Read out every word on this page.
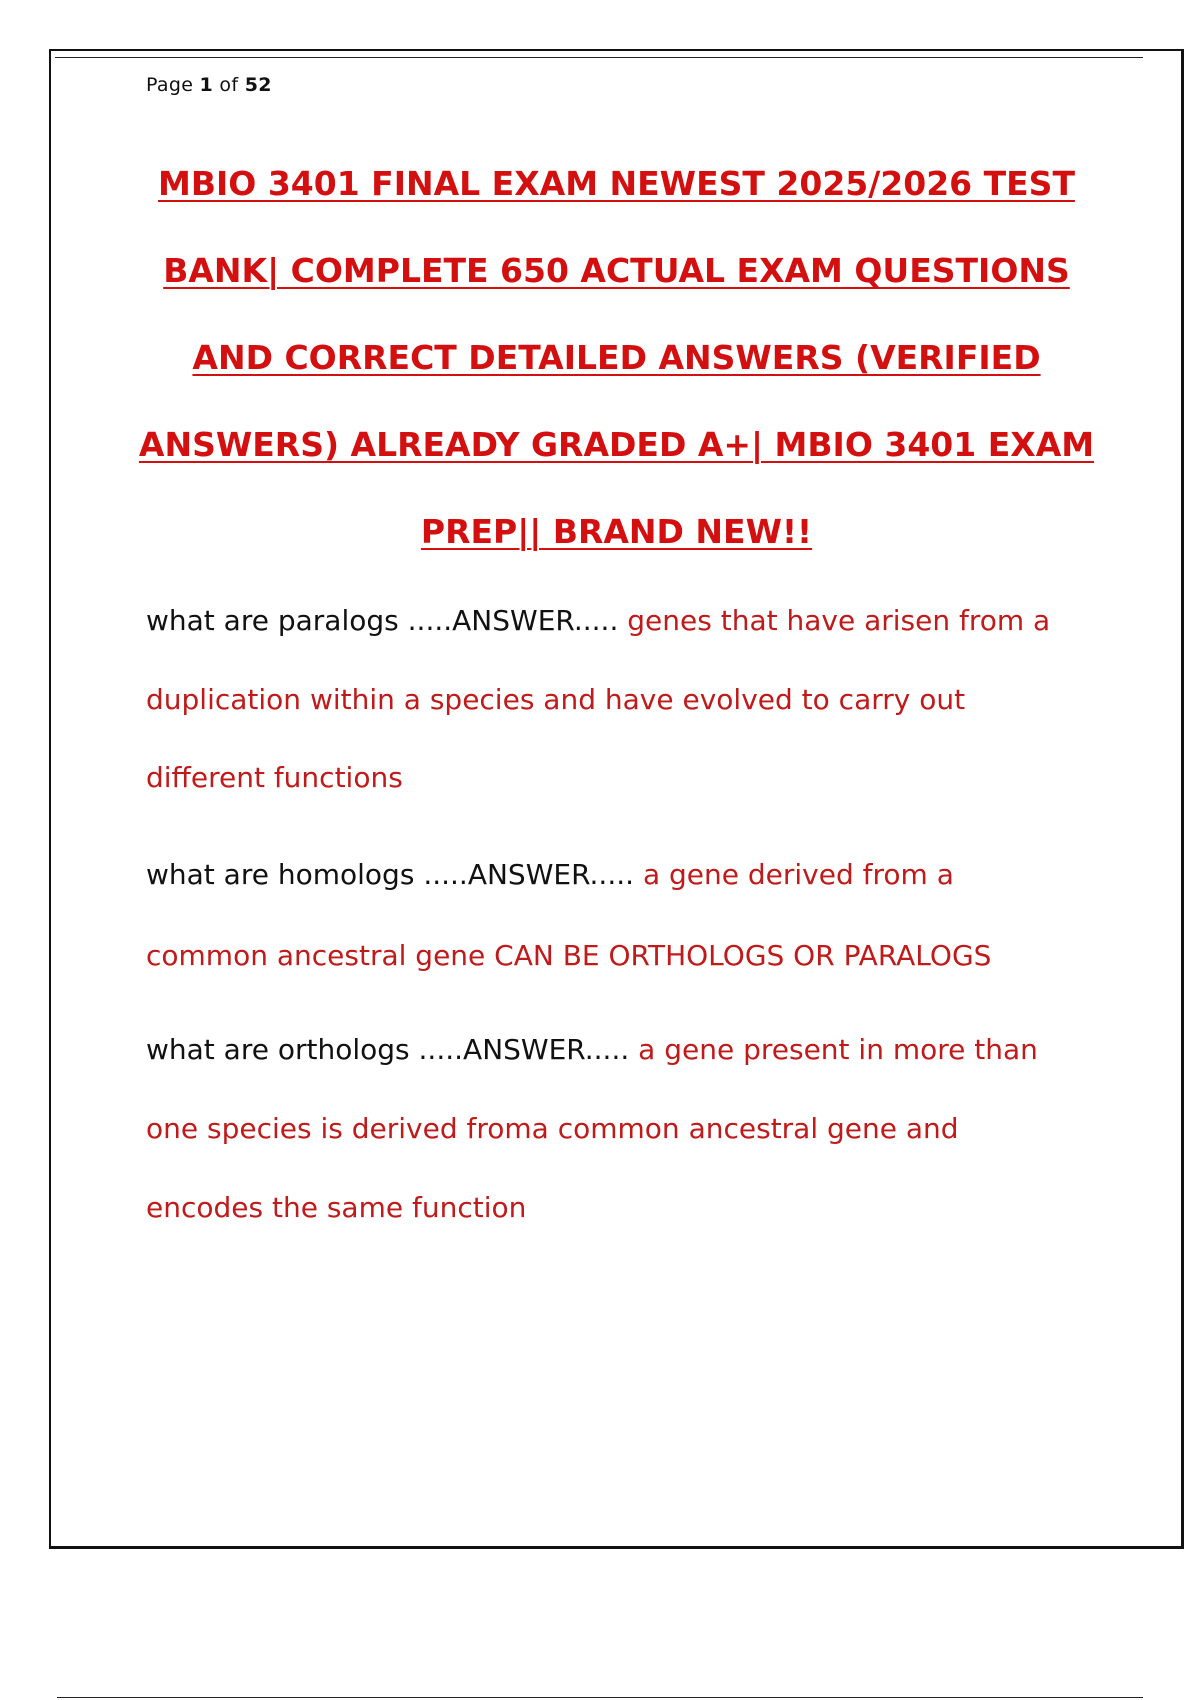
Page 1 of 52
MBIO 3401 FINAL EXAM NEWEST 2025/2026 TEST
BANK| COMPLETE 650 ACTUAL EXAM QUESTIONS
AND CORRECT DETAILED ANSWERS (VERIFIED
ANSWERS) ALREADY GRADED A+| MBIO 3401 EXAM
PREP|| BRAND NEW!!
what are paralogs .....ANSWER..... genes that have arisen from a
duplication within a species and have evolved to carry out
different functions
what are homologs .....ANSWER..... a gene derived from a
common ancestral gene CAN BE ORTHOLOGS OR PARALOGS
what are orthologs .....ANSWER..... a gene present in more than
one species is derived froma common ancestral gene and
encodes the same function
